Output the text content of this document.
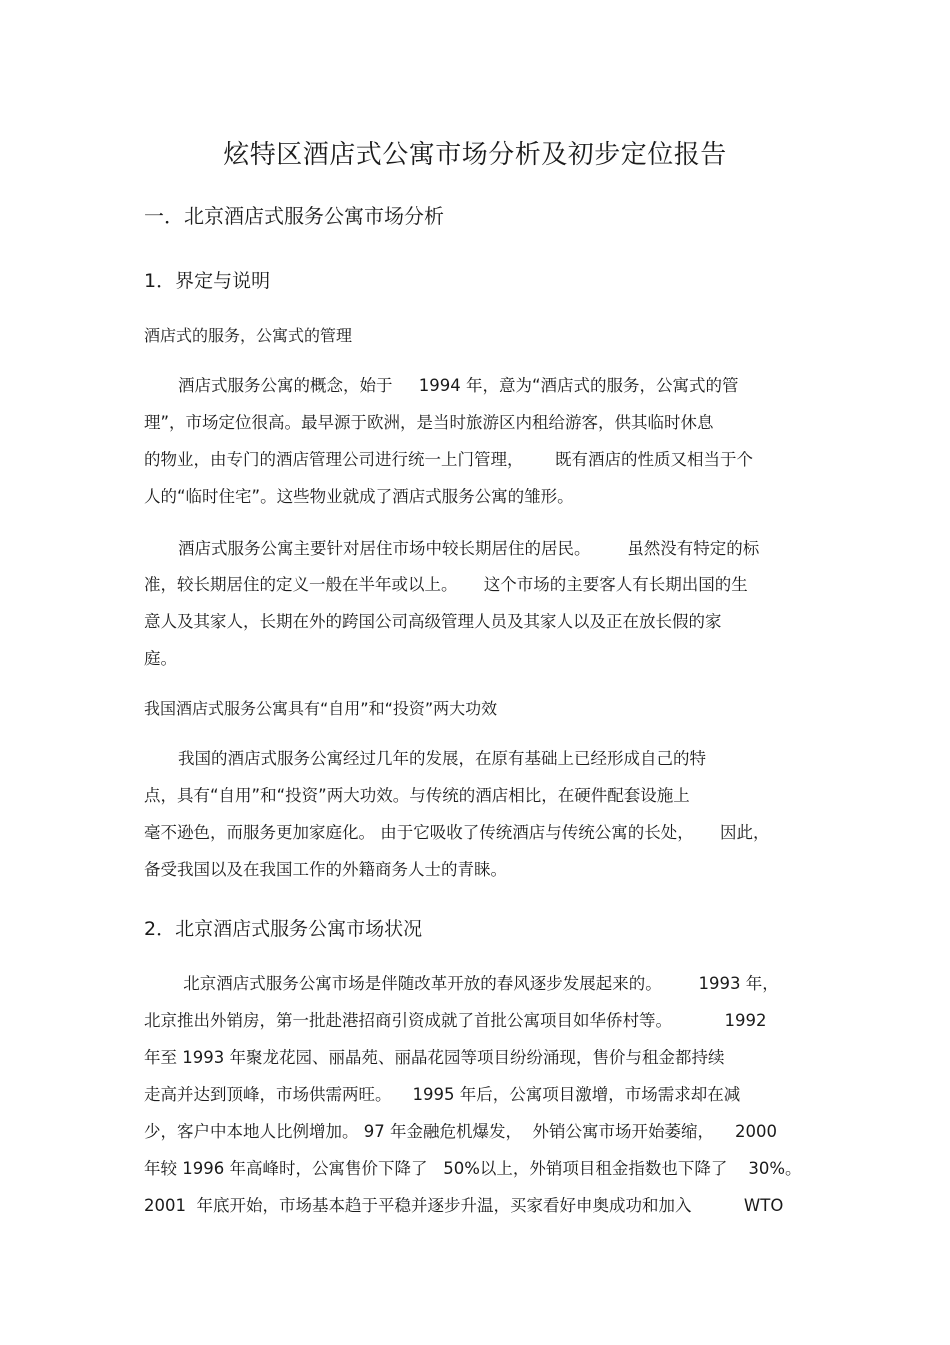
炫特区酒店式公寓市场分析及初步定位报告
一．北京酒店式服务公寓市场分析
1．界定与说明
酒店式的服务，公寓式的管理
酒店式服务公寓的概念，始于     1994 年，意为“酒店式的服务，公寓式的管
理”，市场定位很高。最早源于欧洲，是当时旅游区内租给游客，供其临时休息
的物业，由专门的酒店管理公司进行统一上门管理，      既有酒店的性质又相当于个
人的“临时住宅”。这些物业就成了酒店式服务公寓的雏形。
酒店式服务公寓主要针对居住市场中较长期居住的居民。       虽然没有特定的标
准，较长期居住的定义一般在半年或以上。     这个市场的主要客人有长期出国的生
意人及其家人，长期在外的跨国公司高级管理人员及其家人以及正在放长假的家
庭。
我国酒店式服务公寓具有“自用”和“投资”两大功效
我国的酒店式服务公寓经过几年的发展，在原有基础上已经形成自己的特
点，具有“自用”和“投资”两大功效。与传统的酒店相比，在硬件配套设施上
毫不逊色，而服务更加家庭化。 由于它吸收了传统酒店与传统公寓的长处，     因此，
备受我国以及在我国工作的外籍商务人士的青睐。
2．北京酒店式服务公寓市场状况
北京酒店式服务公寓市场是伴随改革开放的春风逐步发展起来的。       1993 年，
北京推出外销房，第一批赴港招商引资成就了首批公寓项目如华侨村等。          1992
年至 1993 年聚龙花园、丽晶苑、丽晶花园等项目纷纷涌现，售价与租金都持续
走高并达到顶峰，市场供需两旺。    1995 年后，公寓项目激增，市场需求却在减
少，客户中本地人比例增加。 97 年金融危机爆发，  外销公寓市场开始萎缩，    2000
年较 1996 年高峰时，公寓售价下降了   50%以上，外销项目租金指数也下降了    30%。
2001  年底开始，市场基本趋于平稳并逐步升温，买家看好申奥成功和加入          WTO
